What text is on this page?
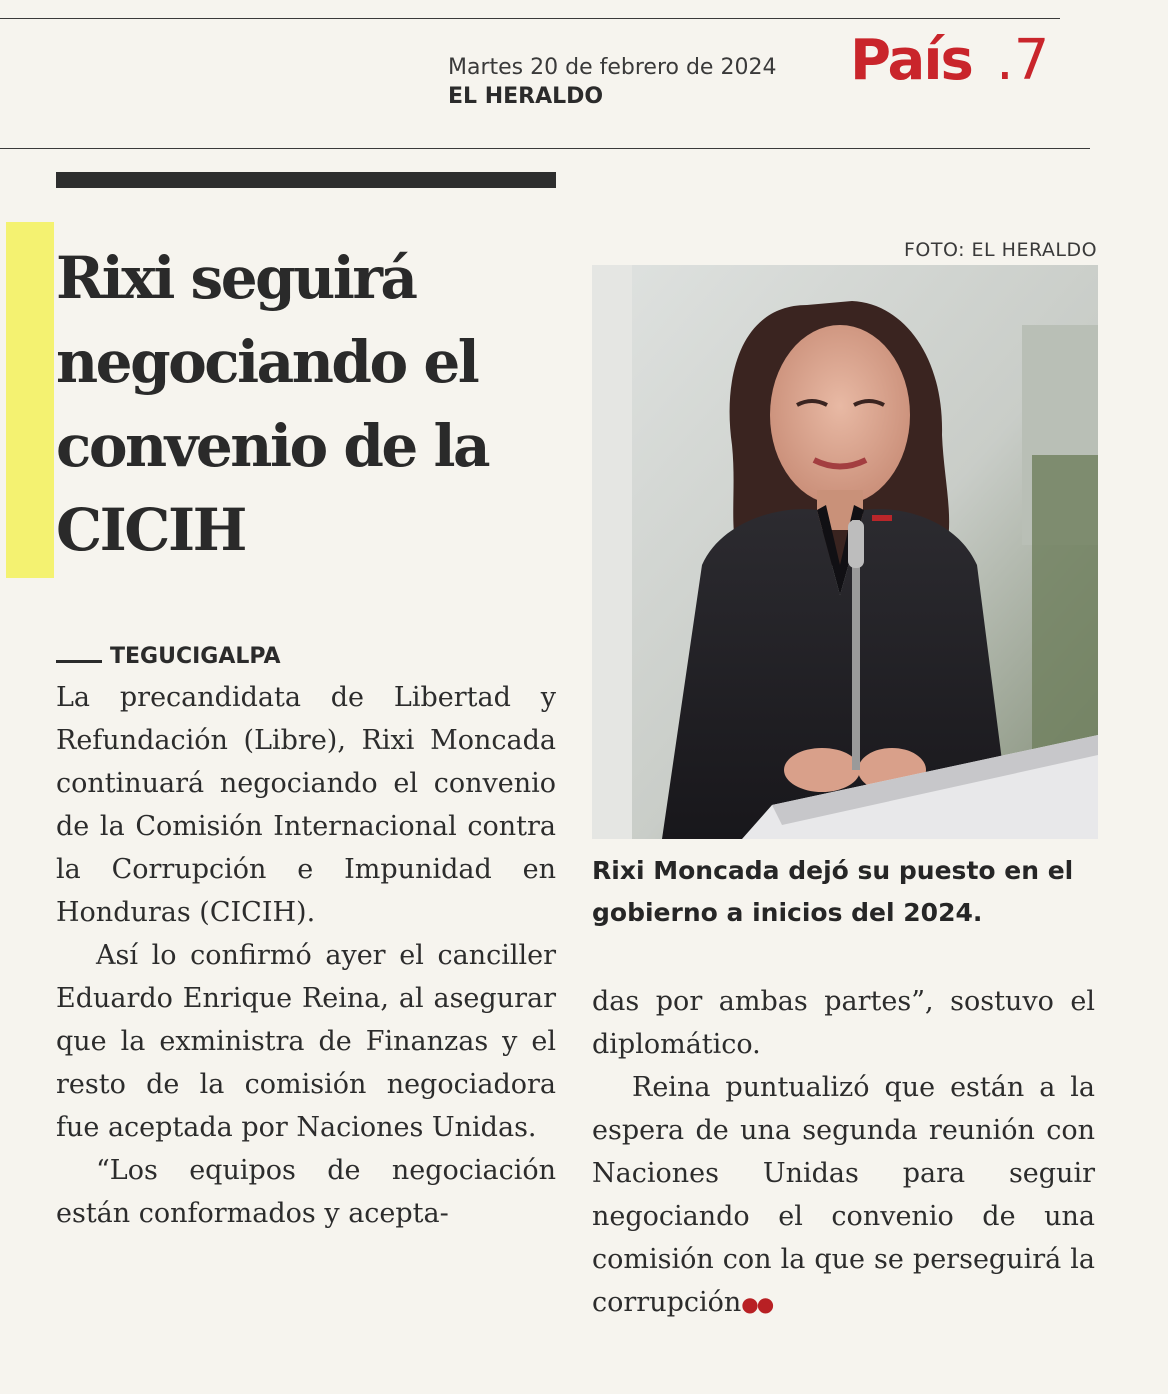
Martes 20 de febrero de 2024
EL HERALDO
País .7
Rixi seguirá negociando el convenio de la CICIH
TEGUCIGALPA

La precandidata de Libertad y Refundación (Libre), Rixi Moncada continuará negociando el convenio de la Comisión Internacional contra la Corrupción e Impunidad en Honduras (CICIH).

Así lo confirmó ayer el canciller Eduardo Enrique Reina, al asegurar que la exministra de Finanzas y el resto de la comisión negociadora fue aceptada por Naciones Unidas.

“Los equipos de negociación están conformados y acepta-

FOTO: EL HERALDO
Rixi Moncada dejó su puesto en el gobierno a inicios del 2024.

das por ambas partes”, sostuvo el diplomático.

Reina puntualizó que están a la espera de una segunda reunión con Naciones Unidas para seguir negociando el convenio de una comisión con la que se perseguirá la corrupción●●
